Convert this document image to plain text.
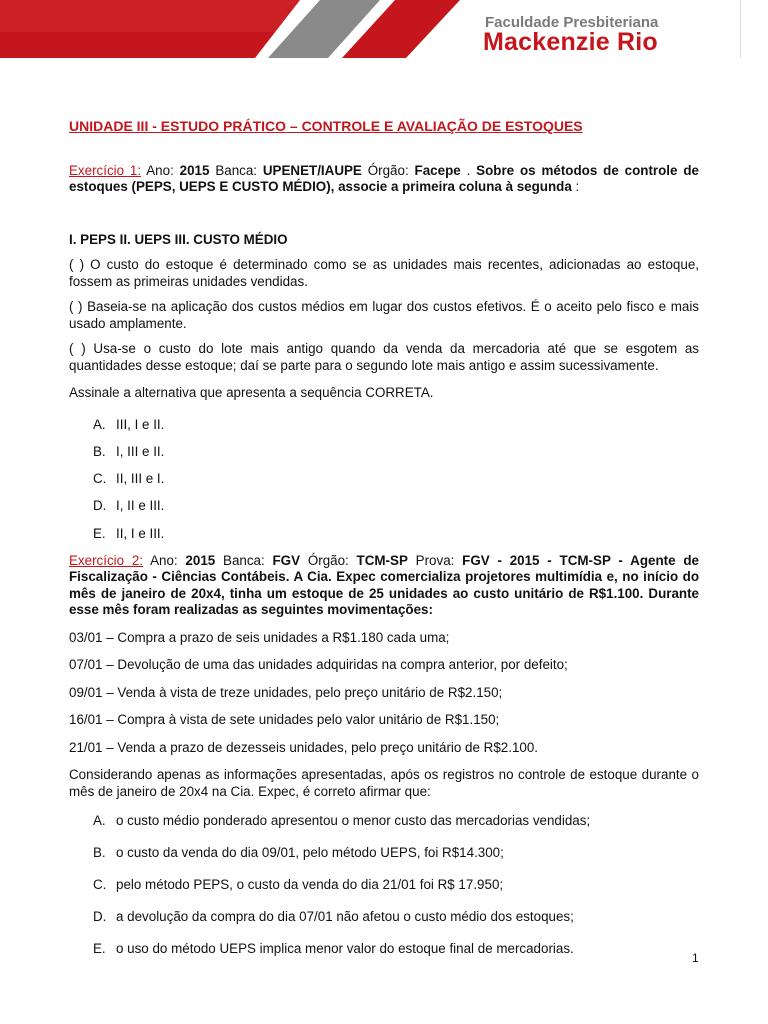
Faculdade Presbiteriana
Mackenzie Rio

UNIDADE III - ESTUDO PRÁTICO – CONTROLE E AVALIAÇÃO DE ESTOQUES

Exercício 1: Ano: 2015 Banca: UPENET/IAUPE Órgão: Facepe . Sobre os métodos de controle de estoques (PEPS, UEPS E CUSTO MÉDIO), associe a primeira coluna à segunda :

I. PEPS II. UEPS III. CUSTO MÉDIO

( ) O custo do estoque é determinado como se as unidades mais recentes, adicionadas ao estoque, fossem as primeiras unidades vendidas.

( ) Baseia-se na aplicação dos custos médios em lugar dos custos efetivos. É o aceito pelo fisco e mais usado amplamente.

( ) Usa-se o custo do lote mais antigo quando da venda da mercadoria até que se esgotem as quantidades desse estoque; daí se parte para o segundo lote mais antigo e assim sucessivamente.

Assinale a alternativa que apresenta a sequência CORRETA.

A. III, I e II.
B. I, III e II.
C. II, III e I.
D. I, II e III.
E. II, I e III.

Exercício 2: Ano: 2015 Banca: FGV Órgão: TCM-SP Prova: FGV - 2015 - TCM-SP - Agente de Fiscalização - Ciências Contábeis. A Cia. Expec comercializa projetores multimídia e, no início do mês de janeiro de 20x4, tinha um estoque de 25 unidades ao custo unitário de R$1.100. Durante esse mês foram realizadas as seguintes movimentações:

03/01 – Compra a prazo de seis unidades a R$1.180 cada uma;

07/01 – Devolução de uma das unidades adquiridas na compra anterior, por defeito;

09/01 – Venda à vista de treze unidades, pelo preço unitário de R$2.150;

16/01 – Compra à vista de sete unidades pelo valor unitário de R$1.150;

21/01 – Venda a prazo de dezesseis unidades, pelo preço unitário de R$2.100.

Considerando apenas as informações apresentadas, após os registros no controle de estoque durante o mês de janeiro de 20x4 na Cia. Expec, é correto afirmar que:

A. o custo médio ponderado apresentou o menor custo das mercadorias vendidas;
B. o custo da venda do dia 09/01, pelo método UEPS, foi R$14.300;
C. pelo método PEPS, o custo da venda do dia 21/01 foi R$ 17.950;
D. a devolução da compra do dia 07/01 não afetou o custo médio dos estoques;
E. o uso do método UEPS implica menor valor do estoque final de mercadorias.
1
